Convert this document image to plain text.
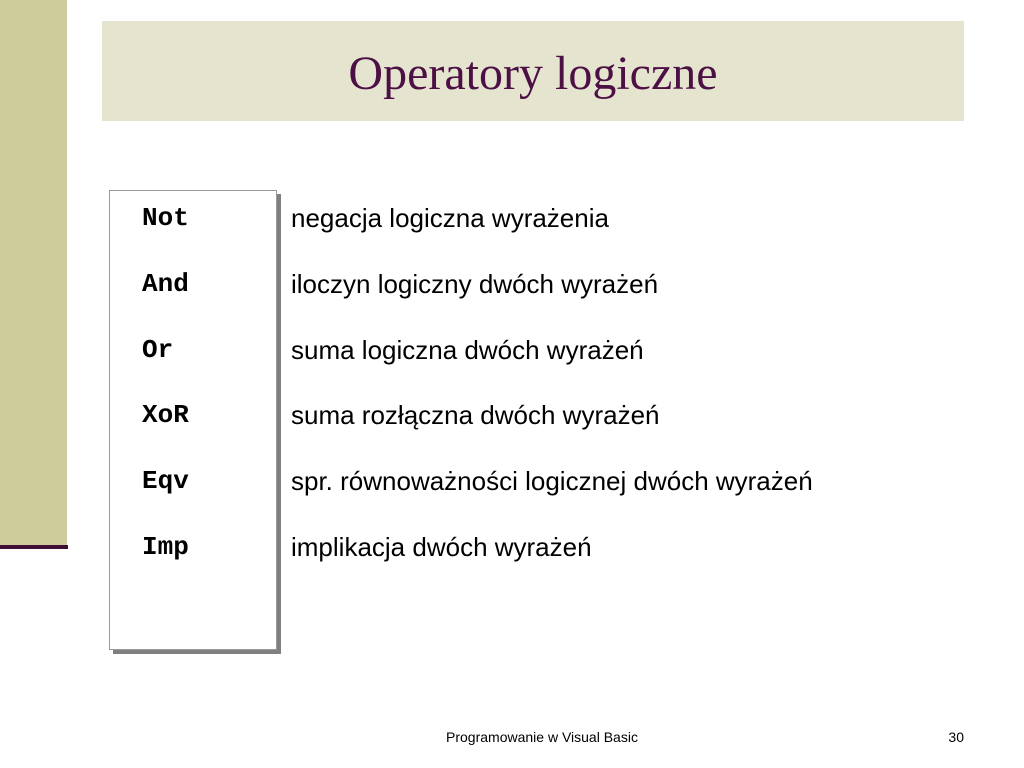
Operatory logiczne
Not	negacja logiczna wyrażenia
And	iloczyn logiczny dwóch wyrażeń
Or	suma logiczna dwóch wyrażeń
XoR	suma rozłączna dwóch wyrażeń
Eqv	spr. równoważności logicznej dwóch wyrażeń
Imp	implikacja dwóch wyrażeń
Programowanie w Visual Basic	30
